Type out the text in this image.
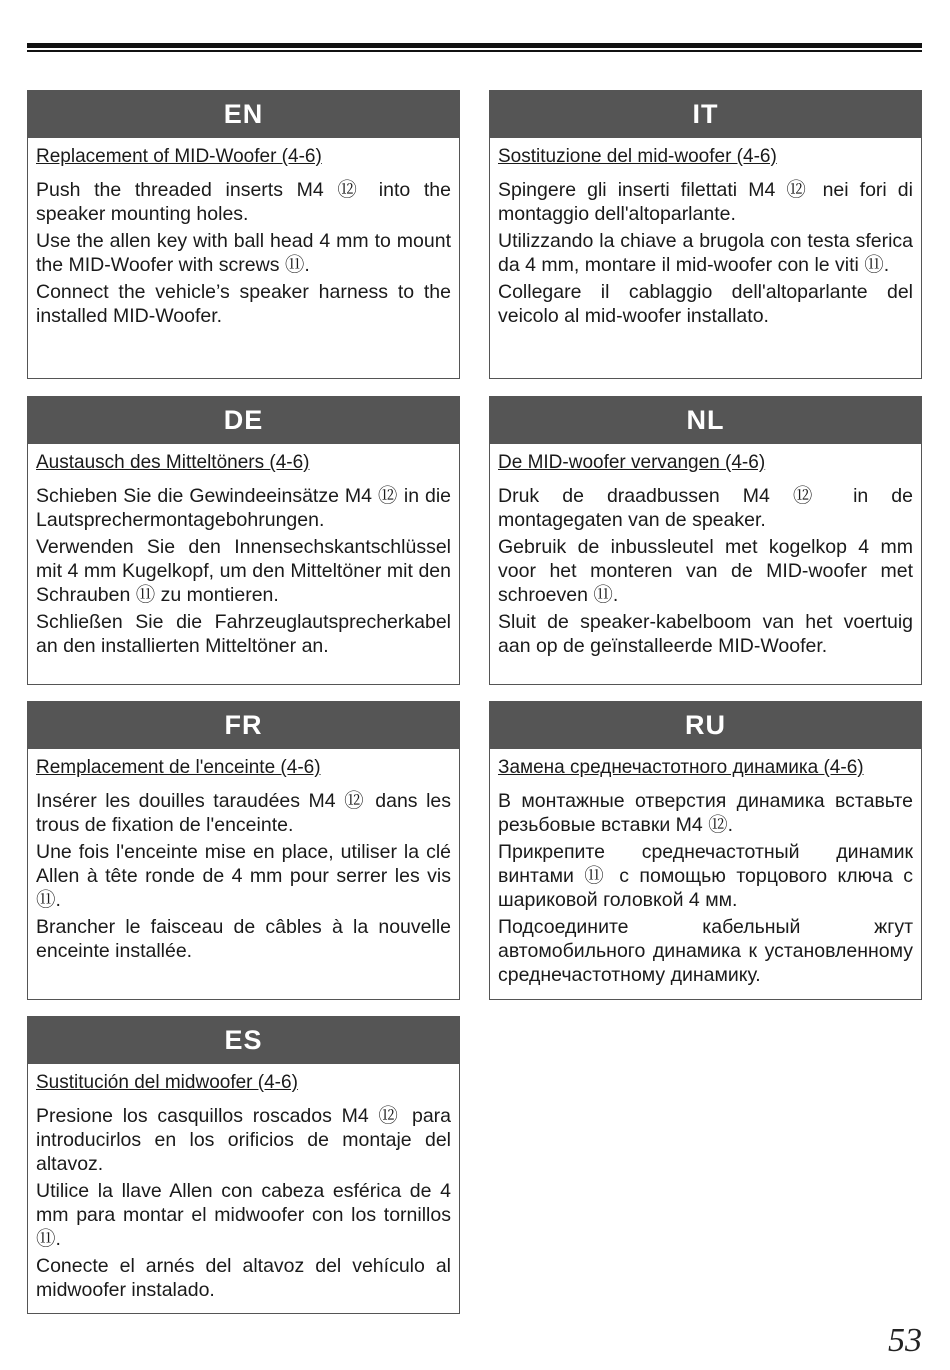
EN
Replacement of MID-Woofer (4-6)
Push the threaded inserts M4 ⑫ into the speaker mounting holes.
Use the allen key with ball head 4 mm to mount the MID-Woofer with screws ⑪.
Connect the vehicle’s speaker harness to the installed MID-Woofer.
IT
Sostituzione del mid-woofer (4-6)
Spingere gli inserti filettati M4 ⑫ nei fori di montaggio dell'altoparlante.
Utilizzando la chiave a brugola con testa sferica da 4 mm, montare il mid-woofer con le viti ⑪.
Collegare il cablaggio dell'altoparlante del veicolo al mid-woofer installato.
DE
Austausch des Mitteltöners (4-6)
Schieben Sie die Gewindeeinsätze M4 ⑫ in die Lautsprechermontagebohrungen.
Verwenden Sie den Innensechskantschlüssel mit 4 mm Kugelkopf, um den Mitteltöner mit den Schrauben ⑪ zu montieren.
Schließen Sie die Fahrzeuglautsprecherkabel an den installierten Mitteltöner an.
NL
De MID-woofer vervangen (4-6)
Druk de draadbussen M4 ⑫ in de montagegaten van de speaker.
Gebruik de inbussleutel met kogelkop 4 mm voor het monteren van de MID-woofer met schroeven ⑪.
Sluit de speaker-kabelboom van het voertuig aan op de geïnstalleerde MID-Woofer.
FR
Remplacement de l'enceinte (4-6)
Insérer les douilles taraudées M4 ⑫ dans les trous de fixation de l'enceinte.
Une fois l'enceinte mise en place, utiliser la clé Allen à tête ronde de 4 mm pour serrer les vis ⑪.
Brancher le faisceau de câbles à la nouvelle enceinte installée.
RU
Замена среднечастотного динамика (4-6)
В монтажные отверстия динамика вставьте резьбовые вставки M4 ⑫.
Прикрепите среднечастотный динамик винтами ⑪ с помощью торцового ключа с шариковой головкой 4 мм.
Подсоедините кабельный жгут автомобильного динамика к установленному среднечастотному динамику.
ES
Sustitución del midwoofer (4-6)
Presione los casquillos roscados M4 ⑫ para introducirlos en los orificios de montaje del altavoz.
Utilice la llave Allen con cabeza esférica de 4 mm para montar el midwoofer con los tornillos ⑪.
Conecte el arnés del altavoz del vehículo al midwoofer instalado.
53
